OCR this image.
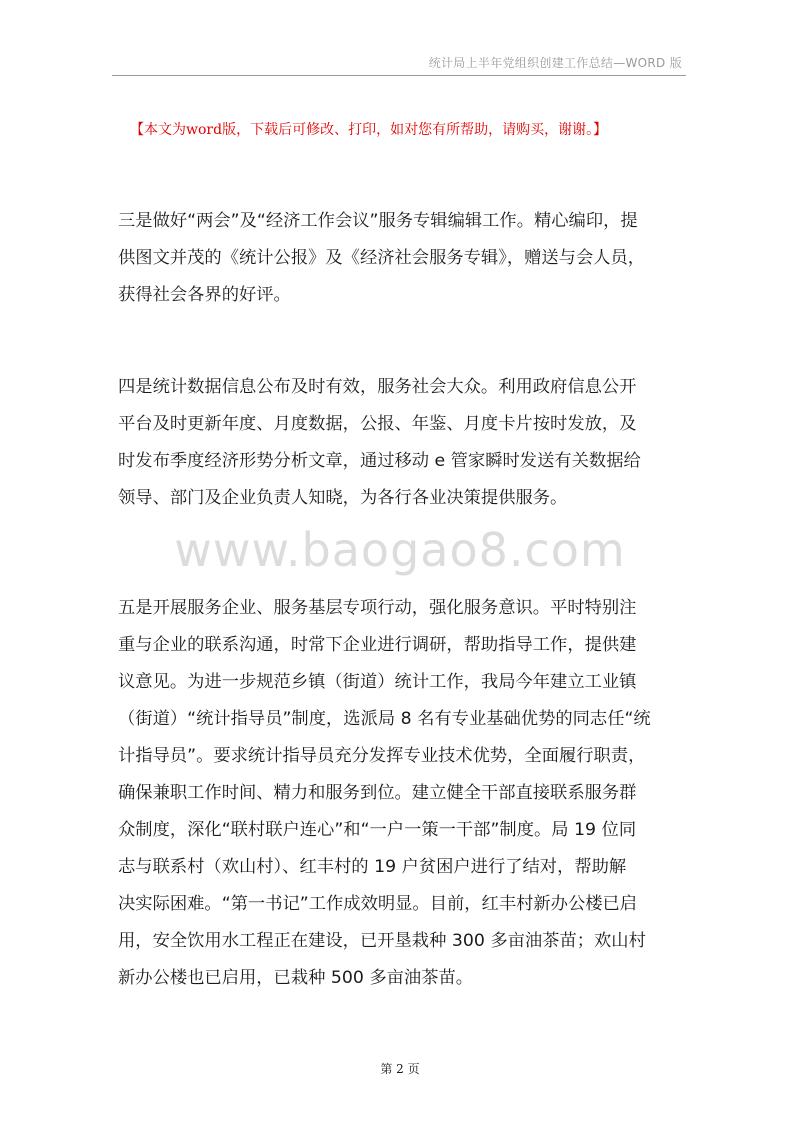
统计局上半年党组织创建工作总结—WORD 版
【本文为word版，下载后可修改、打印，如对您有所帮助，请购买，谢谢。】
www.baogao8.com

三是做好“两会”及“经济工作会议”服务专辑编辑工作。精心编印，提
供图文并茂的《统计公报》及《经济社会服务专辑》，赠送与会人员，
获得社会各界的好评。

四是统计数据信息公布及时有效，服务社会大众。利用政府信息公开
平台及时更新年度、月度数据，公报、年鉴、月度卡片按时发放，及
时发布季度经济形势分析文章，通过移动 e 管家瞬时发送有关数据给
领导、部门及企业负责人知晓，为各行各业决策提供服务。

五是开展服务企业、服务基层专项行动，强化服务意识。平时特别注
重与企业的联系沟通，时常下企业进行调研，帮助指导工作，提供建
议意见。为进一步规范乡镇（街道）统计工作，我局今年建立工业镇
（街道）“统计指导员”制度，选派局 8 名有专业基础优势的同志任“统
计指导员”。要求统计指导员充分发挥专业技术优势，全面履行职责，
确保兼职工作时间、精力和服务到位。建立健全干部直接联系服务群
众制度，深化“联村联户连心”和“一户一策一干部”制度。局 19 位同
志与联系村（欢山村）、红丰村的 19 户贫困户进行了结对，帮助解
决实际困难。“第一书记”工作成效明显。目前，红丰村新办公楼已启
用，安全饮用水工程正在建设，已开垦栽种 300 多亩油茶苗；欢山村
新办公楼也已启用，已栽种 500 多亩油茶苗。

第 2 页
